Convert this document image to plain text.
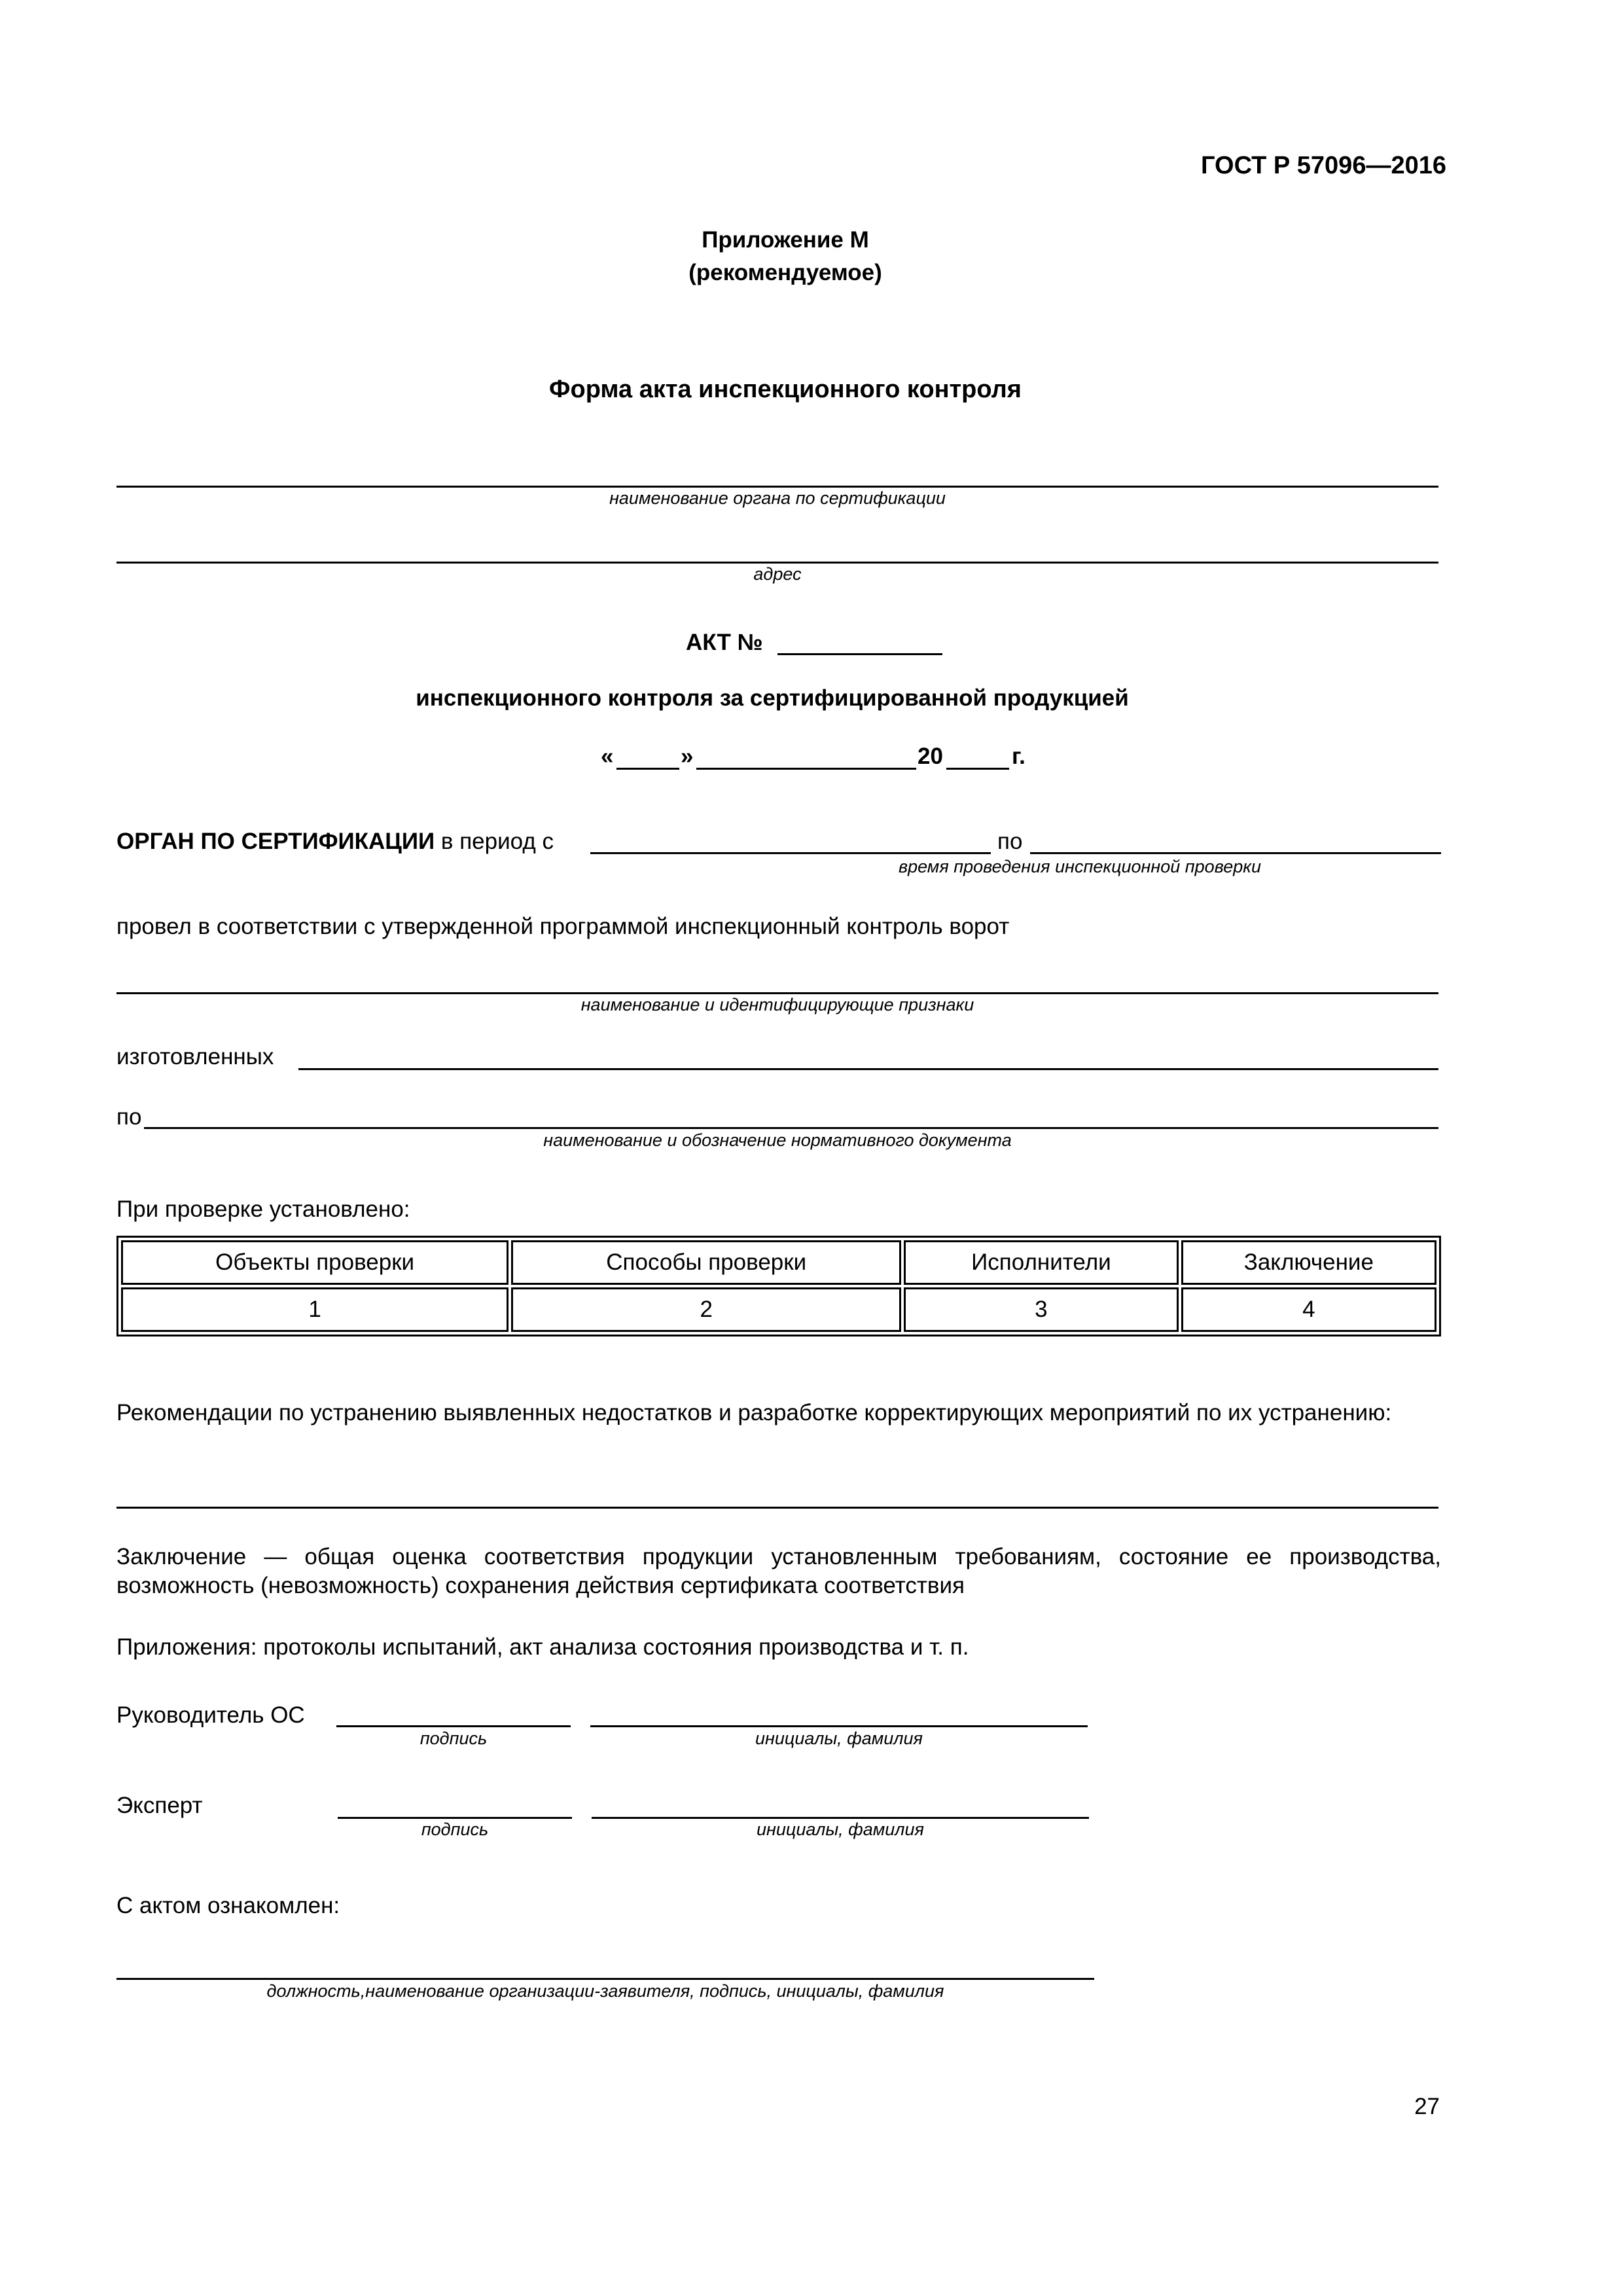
ГОСТ Р 57096—2016
Приложение М
(рекомендуемое)
Форма акта инспекционного контроля
наименование органа по сертификации
адрес
АКТ №
инспекционного контроля за сертифицированной продукцией
«	»	20	г.
ОРГАН ПО СЕРТИФИКАЦИИ в период с	по
время проведения инспекционной проверки
провел в соответствии с утвержденной программой инспекционный контроль ворот
наименование и идентифицирующие признаки
изготовленных
по
наименование и обозначение нормативного документа
При проверке установлено:
Объекты проверки	Способы проверки	Исполнители	Заключение
1	2	3	4
Рекомендации по устранению выявленных недостатков и разработке корректирующих мероприятий по их устранению:
Заключение — общая оценка соответствия продукции установленным требованиям, состояние ее производства, возможность (невозможность) сохранения действия сертификата соответствия
Приложения: протоколы испытаний, акт анализа состояния производства и т. п.
Руководитель ОС
подпись	инициалы, фамилия
Эксперт
подпись	инициалы, фамилия
С актом ознакомлен:
должность,наименование организации-заявителя, подпись, инициалы, фамилия
27
